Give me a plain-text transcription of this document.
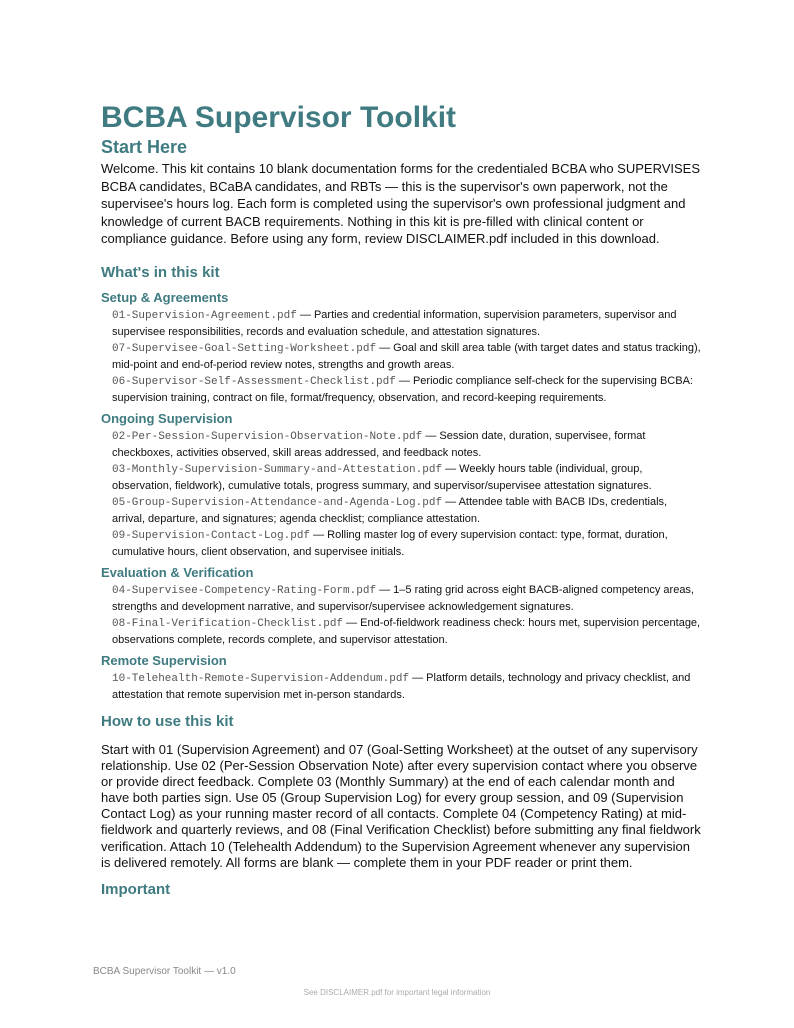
BCBA Supervisor Toolkit
Start Here

Welcome. This kit contains 10 blank documentation forms for the credentialed BCBA who SUPERVISES BCBA candidates, BCaBA candidates, and RBTs — this is the supervisor's own paperwork, not the supervisee's hours log. Each form is completed using the supervisor's own professional judgment and knowledge of current BACB requirements. Nothing in this kit is pre-filled with clinical content or compliance guidance. Before using any form, review DISCLAIMER.pdf included in this download.

What's in this kit
Setup & Agreements
01-Supervision-Agreement.pdf — Parties and credential information, supervision parameters, supervisor and supervisee responsibilities, records and evaluation schedule, and attestation signatures.
07-Supervisee-Goal-Setting-Worksheet.pdf — Goal and skill area table (with target dates and status tracking), mid-point and end-of-period review notes, strengths and growth areas.
06-Supervisor-Self-Assessment-Checklist.pdf — Periodic compliance self-check for the supervising BCBA: supervision training, contract on file, format/frequency, observation, and record-keeping requirements.
Ongoing Supervision
02-Per-Session-Supervision-Observation-Note.pdf — Session date, duration, supervisee, format checkboxes, activities observed, skill areas addressed, and feedback notes.
03-Monthly-Supervision-Summary-and-Attestation.pdf — Weekly hours table (individual, group, observation, fieldwork), cumulative totals, progress summary, and supervisor/supervisee attestation signatures.
05-Group-Supervision-Attendance-and-Agenda-Log.pdf — Attendee table with BACB IDs, credentials, arrival, departure, and signatures; agenda checklist; compliance attestation.
09-Supervision-Contact-Log.pdf — Rolling master log of every supervision contact: type, format, duration, cumulative hours, client observation, and supervisee initials.
Evaluation & Verification
04-Supervisee-Competency-Rating-Form.pdf — 1–5 rating grid across eight BACB-aligned competency areas, strengths and development narrative, and supervisor/supervisee acknowledgement signatures.
08-Final-Verification-Checklist.pdf — End-of-fieldwork readiness check: hours met, supervision percentage, observations complete, records complete, and supervisor attestation.
Remote Supervision
10-Telehealth-Remote-Supervision-Addendum.pdf — Platform details, technology and privacy checklist, and attestation that remote supervision met in-person standards.
How to use this kit

Start with 01 (Supervision Agreement) and 07 (Goal-Setting Worksheet) at the outset of any supervisory relationship. Use 02 (Per-Session Observation Note) after every supervision contact where you observe or provide direct feedback. Complete 03 (Monthly Summary) at the end of each calendar month and have both parties sign. Use 05 (Group Supervision Log) for every group session, and 09 (Supervision Contact Log) as your running master record of all contacts. Complete 04 (Competency Rating) at mid-fieldwork and quarterly reviews, and 08 (Final Verification Checklist) before submitting any final fieldwork verification. Attach 10 (Telehealth Addendum) to the Supervision Agreement whenever any supervision is delivered remotely. All forms are blank — complete them in your PDF reader or print them.

Important
BCBA Supervisor Toolkit — v1.0
See DISCLAIMER.pdf for important legal information
